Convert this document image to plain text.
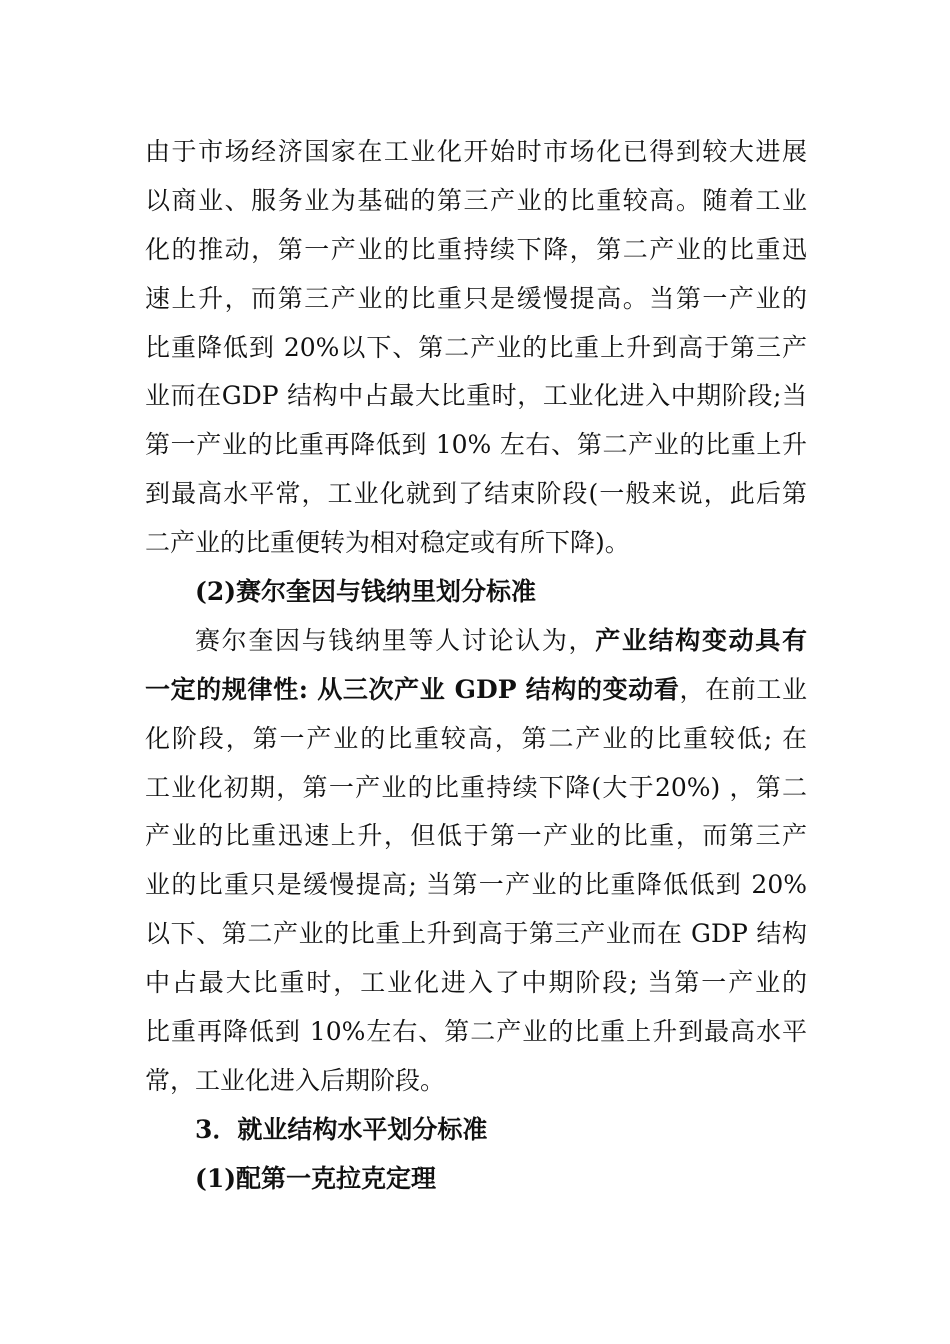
由于市场经济国家在工业化开始时市场化已得到较大进展
以商业、服务业为基础的第三产业的比重较高。随着工业
化的推动，第一产业的比重持续下降，第二产业的比重迅
速上升，而第三产业的比重只是缓慢提高。当第一产业的
比重降低到 20%以下、第二产业的比重上升到高于第三产
业而在GDP 结构中占最大比重时，工业化进入中期阶段;当
第一产业的比重再降低到 10% 左右、第二产业的比重上升
到最高水平常，工业化就到了结束阶段(一般来说，此后第
二产业的比重便转为相对稳定或有所下降)。
(2)赛尔奎因与钱纳里划分标准
赛尔奎因与钱纳里等人讨论认为，产业结构变动具有
一定的规律性: 从三次产业 GDP 结构的变动看，在前工业
化阶段，第一产业的比重较高，第二产业的比重较低; 在
工业化初期，第一产业的比重持续下降(大于20%) ，第二
产业的比重迅速上升，但低于第一产业的比重，而第三产
业的比重只是缓慢提高; 当第一产业的比重降低低到 20%
以下、第二产业的比重上升到高于第三产业而在 GDP 结构
中占最大比重时，工业化进入了中期阶段; 当第一产业的
比重再降低到 10%左右、第二产业的比重上升到最高水平
常，工业化进入后期阶段。
3．就业结构水平划分标准
(1)配第一克拉克定理
